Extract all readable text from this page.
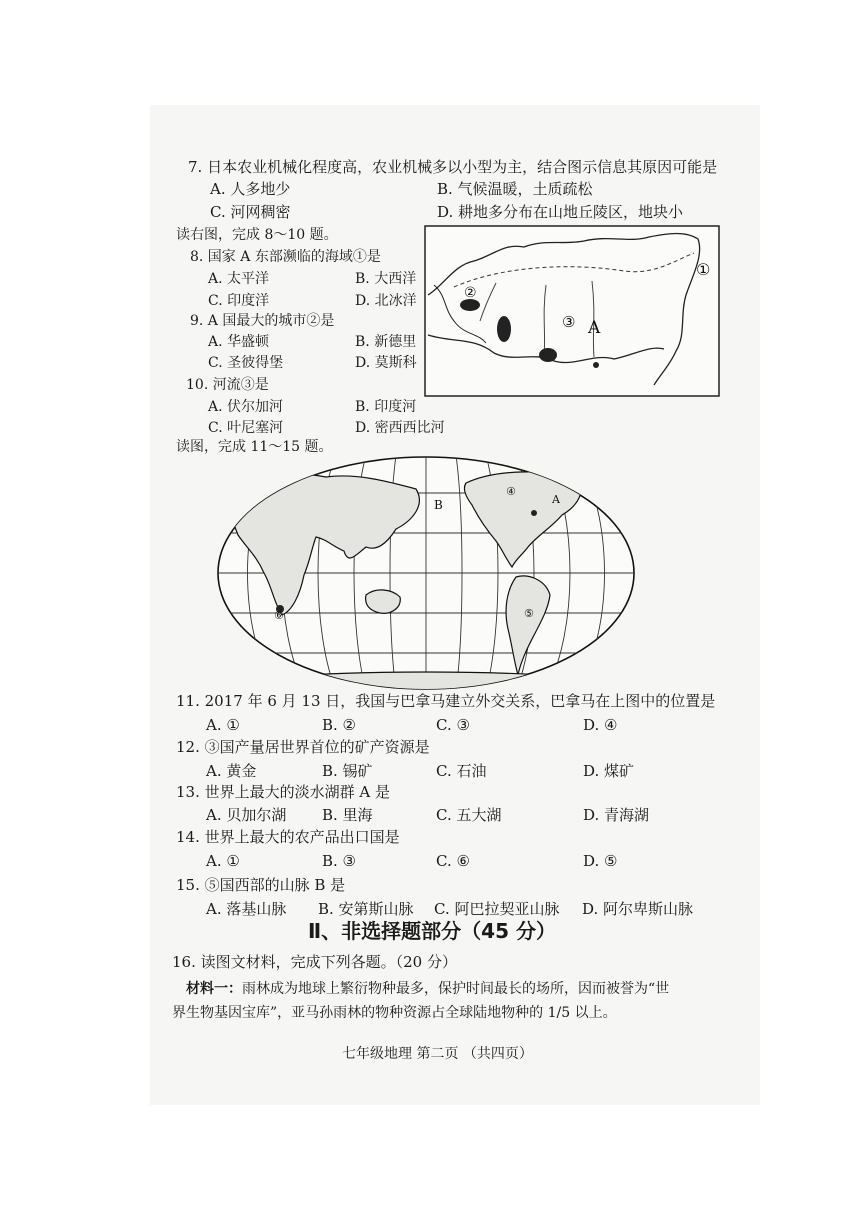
7. 日本农业机械化程度高，农业机械多以小型为主，结合图示信息其原因可能是
A. 人多地少	B. 气候温暖，土质疏松
C. 河网稠密	D. 耕地多分布在山地丘陵区，地块小
读右图，完成 8～10 题。
8. 国家 A 东部濒临的海域①是
A. 太平洋	B. 大西洋
C. 印度洋	D. 北冰洋
9. A 国最大的城市②是
A. 华盛顿	B. 新德里
C. 圣彼得堡	D. 莫斯科
10. 河流③是
A. 伏尔加河	B. 印度河
C. 叶尼塞河	D. 密西西比河
②
③ A
①
读图，完成 11～15 题。
B	A
④
⑥	⑤
11. 2017 年 6 月 13 日，我国与巴拿马建立外交关系，巴拿马在上图中的位置是
A. ①	B. ②	C. ③	D. ④
12. ③国产量居世界首位的矿产资源是
A. 黄金	B. 锡矿	C. 石油	D. 煤矿
13. 世界上最大的淡水湖群 A 是
A. 贝加尔湖 B. 里海	C. 五大湖	D. 青海湖
14. 世界上最大的农产品出口国是
A. ①	B. ③	C. ⑥	D. ⑤
15. ⑤国西部的山脉 B 是
A. 落基山脉 B. 安第斯山脉 C. 阿巴拉契亚山脉 D. 阿尔卑斯山脉
Ⅱ、非选择题部分（45 分）
16. 读图文材料，完成下列各题。（20 分）
材料一：雨林成为地球上繁衍物种最多，保护时间最长的场所，因而被誉为“世
界生物基因宝库”，亚马孙雨林的物种资源占全球陆地物种的 1/5 以上。
七年级地理 第二页 （共四页）
